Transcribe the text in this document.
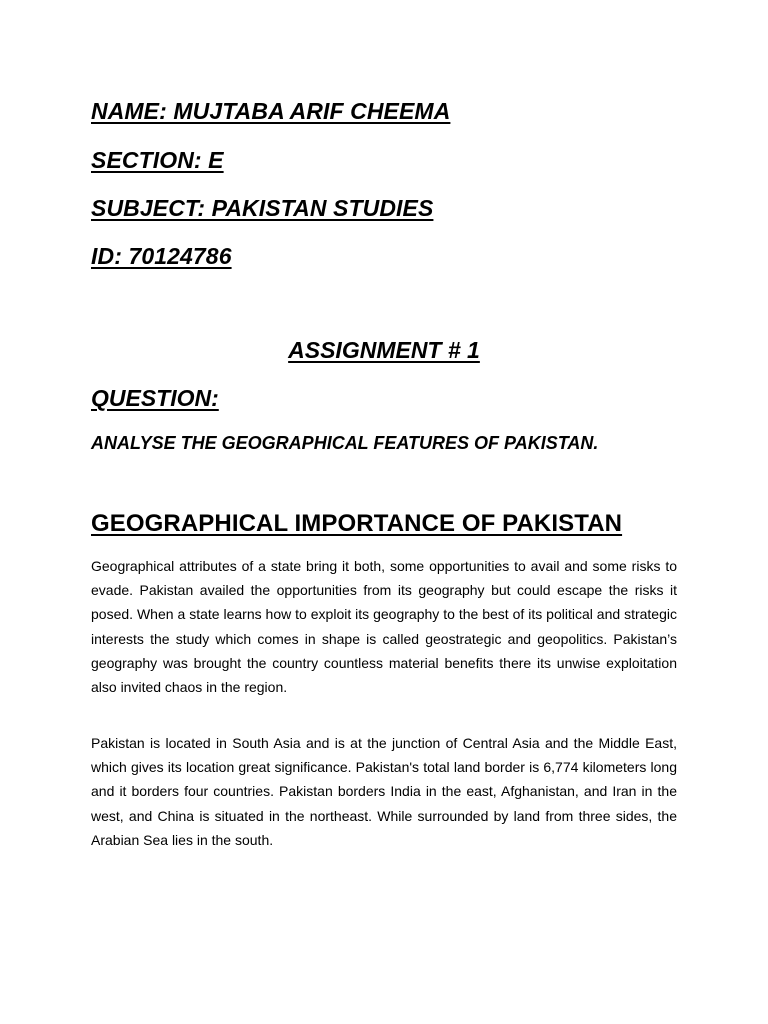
NAME: MUJTABA ARIF CHEEMA

SECTION: E

SUBJECT: PAKISTAN STUDIES

ID: 70124786

ASSIGNMENT # 1

QUESTION:

ANALYSE THE GEOGRAPHICAL FEATURES OF PAKISTAN.

GEOGRAPHICAL IMPORTANCE OF PAKISTAN

Geographical attributes of a state bring it both, some opportunities to avail and some risks to evade. Pakistan availed the opportunities from its geography but could escape the risks it posed. When a state learns how to exploit its geography to the best of its political and strategic interests the study which comes in shape is called geostrategic and geopolitics. Pakistan’s geography was brought the country countless material benefits there its unwise exploitation also invited chaos in the region.

Pakistan is located in South Asia and is at the junction of Central Asia and the Middle East, which gives its location great significance. Pakistan's total land border is 6,774 kilometers long and it borders four countries. Pakistan borders India in the east, Afghanistan, and Iran in the west, and China is situated in the northeast. While surrounded by land from three sides, the Arabian Sea lies in the south.
